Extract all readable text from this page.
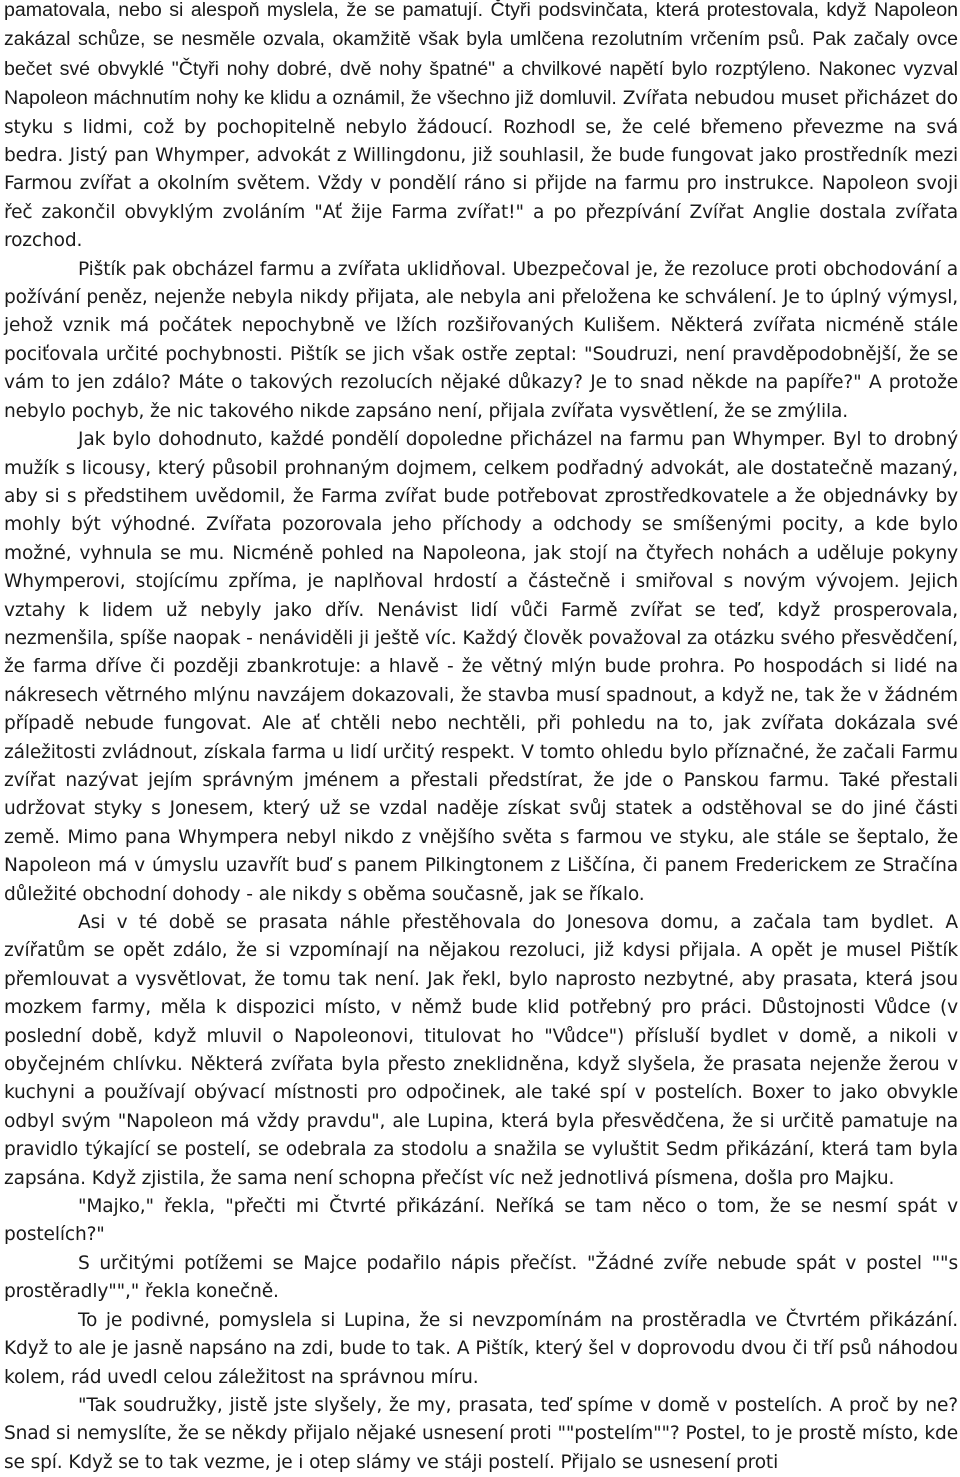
pamatovala, nebo si alespoň myslela, že se pamatují. Čtyři podsvinčata, která protestovala, když Napoleon zakázal schůze, se nesměle ozvala, okamžitě však byla umlčena rezolutním vrčením psů. Pak začaly ovce bečet své obvyklé "Čtyři nohy dobré, dvě nohy špatné" a chvilkové napětí bylo rozptýleno. Nakonec vyzval Napoleon máchnutím nohy ke klidu a oznámil, že všechno již domluvil. Zvířata nebudou muset přicházet do styku s lidmi, což by pochopitelně nebylo žádoucí. Rozhodl se, že celé břemeno převezme na svá bedra. Jistý pan Whymper, advokát z Willingdonu, již souhlasil, že bude fungovat jako prostředník mezi Farmou zvířat a okolním světem. Vždy v pondělí ráno si přijde na farmu pro instrukce. Napoleon svoji řeč zakončil obvyklým zvoláním "Ať žije Farma zvířat!" a po přezpívání Zvířat Anglie dostala zvířata rozchod.

Pištík pak obcházel farmu a zvířata uklidňoval. Ubezpečoval je, že rezoluce proti obchodování a požívání peněz, nejenže nebyla nikdy přijata, ale nebyla ani přeložena ke schválení. Je to úplný výmysl, jehož vznik má počátek nepochybně ve lžích rozšiřovaných Kulišem. Některá zvířata nicméně stále pociťovala určité pochybnosti. Pištík se jich však ostře zeptal: "Soudruzi, není pravděpodobnější, že se vám to jen zdálo? Máte o takových rezolucích nějaké důkazy? Je to snad někde na papíře?" A protože nebylo pochyb, že nic takového nikde zapsáno není, přijala zvířata vysvětlení, že se zmýlila.

Jak bylo dohodnuto, každé pondělí dopoledne přicházel na farmu pan Whymper. Byl to drobný mužík s licousy, který působil prohnaným dojmem, celkem podřadný advokát, ale dostatečně mazaný, aby si s předstihem uvědomil, že Farma zvířat bude potřebovat zprostředkovatele a že objednávky by mohly být výhodné. Zvířata pozorovala jeho příchody a odchody se smíšenými pocity, a kde bylo možné, vyhnula se mu. Nicméně pohled na Napoleona, jak stojí na čtyřech nohách a uděluje pokyny Whymperovi, stojícímu zpříma, je naplňoval hrdostí a částečně i smiřoval s novým vývojem. Jejich vztahy k lidem už nebyly jako dřív. Nenávist lidí vůči Farmě zvířat se teď, když prosperovala, nezmenšila, spíše naopak - nenáviděli ji ještě víc. Každý člověk považoval za otázku svého přesvědčení, že farma dříve či později zbankrotuje: a hlavě - že větný mlýn bude prohra. Po hospodách si lidé na nákresech větrného mlýnu navzájem dokazovali, že stavba musí spadnout, a když ne, tak že v žádném případě nebude fungovat. Ale ať chtěli nebo nechtěli, při pohledu na to, jak zvířata dokázala své záležitosti zvládnout, získala farma u lidí určitý respekt. V tomto ohledu bylo příznačné, že začali Farmu zvířat nazývat jejím správným jménem a přestali předstírat, že jde o Panskou farmu. Také přestali udržovat styky s Jonesem, který už se vzdal naděje získat svůj statek a odstěhoval se do jiné části země. Mimo pana Whympera nebyl nikdo z vnějšího světa s farmou ve styku, ale stále se šeptalo, že Napoleon má v úmyslu uzavřít buď s panem Pilkingtonem z Liščína, či panem Frederickem ze Stračína důležité obchodní dohody - ale nikdy s oběma současně, jak se říkalo.

Asi v té době se prasata náhle přestěhovala do Jonesova domu, a začala tam bydlet. A zvířatům se opět zdálo, že si vzpomínají na nějakou rezoluci, již kdysi přijala. A opět je musel Pištík přemlouvat a vysvětlovat, že tomu tak není. Jak řekl, bylo naprosto nezbytné, aby prasata, která jsou mozkem farmy, měla k dispozici místo, v němž bude klid potřebný pro práci. Důstojnosti Vůdce (v poslední době, když mluvil o Napoleonovi, titulovat ho "Vůdce") přísluší bydlet v domě, a nikoli v obyčejném chlívku. Některá zvířata byla přesto zneklidněna, když slyšela, že prasata nejenže žerou v kuchyni a používají obývací místnosti pro odpočinek, ale také spí v postelích. Boxer to jako obvykle odbyl svým "Napoleon má vždy pravdu", ale Lupina, která byla přesvědčena, že si určitě pamatuje na pravidlo týkající se postelí, se odebrala za stodolu a snažila se vyluštit Sedm přikázání, která tam byla zapsána. Když zjistila, že sama není schopna přečíst víc než jednotlivá písmena, došla pro Majku.

"Majko," řekla, "přečti mi Čtvrté přikázání. Neříká se tam něco o tom, že se nesmí spát v postelích?"

S určitými potížemi se Majce podařilo nápis přečíst. "Žádné zvíře nebude spát v postel ""s prostěradly""," řekla konečně.

To je podivné, pomyslela si Lupina, že si nevzpomínám na prostěradla ve Čtvrtém přikázání. Když to ale je jasně napsáno na zdi, bude to tak. A Pištík, který šel v doprovodu dvou či tří psů náhodou kolem, rád uvedl celou záležitost na správnou míru.

"Tak soudružky, jistě jste slyšely, že my, prasata, teď spíme v domě v postelích. A proč by ne? Snad si nemyslíte, že se někdy přijalo nějaké usnesení proti ""postelím""? Postel, to je prostě místo, kde se spí. Když se to tak vezme, je i otep slámy ve stáji postelí. Přijalo se usnesení proti
